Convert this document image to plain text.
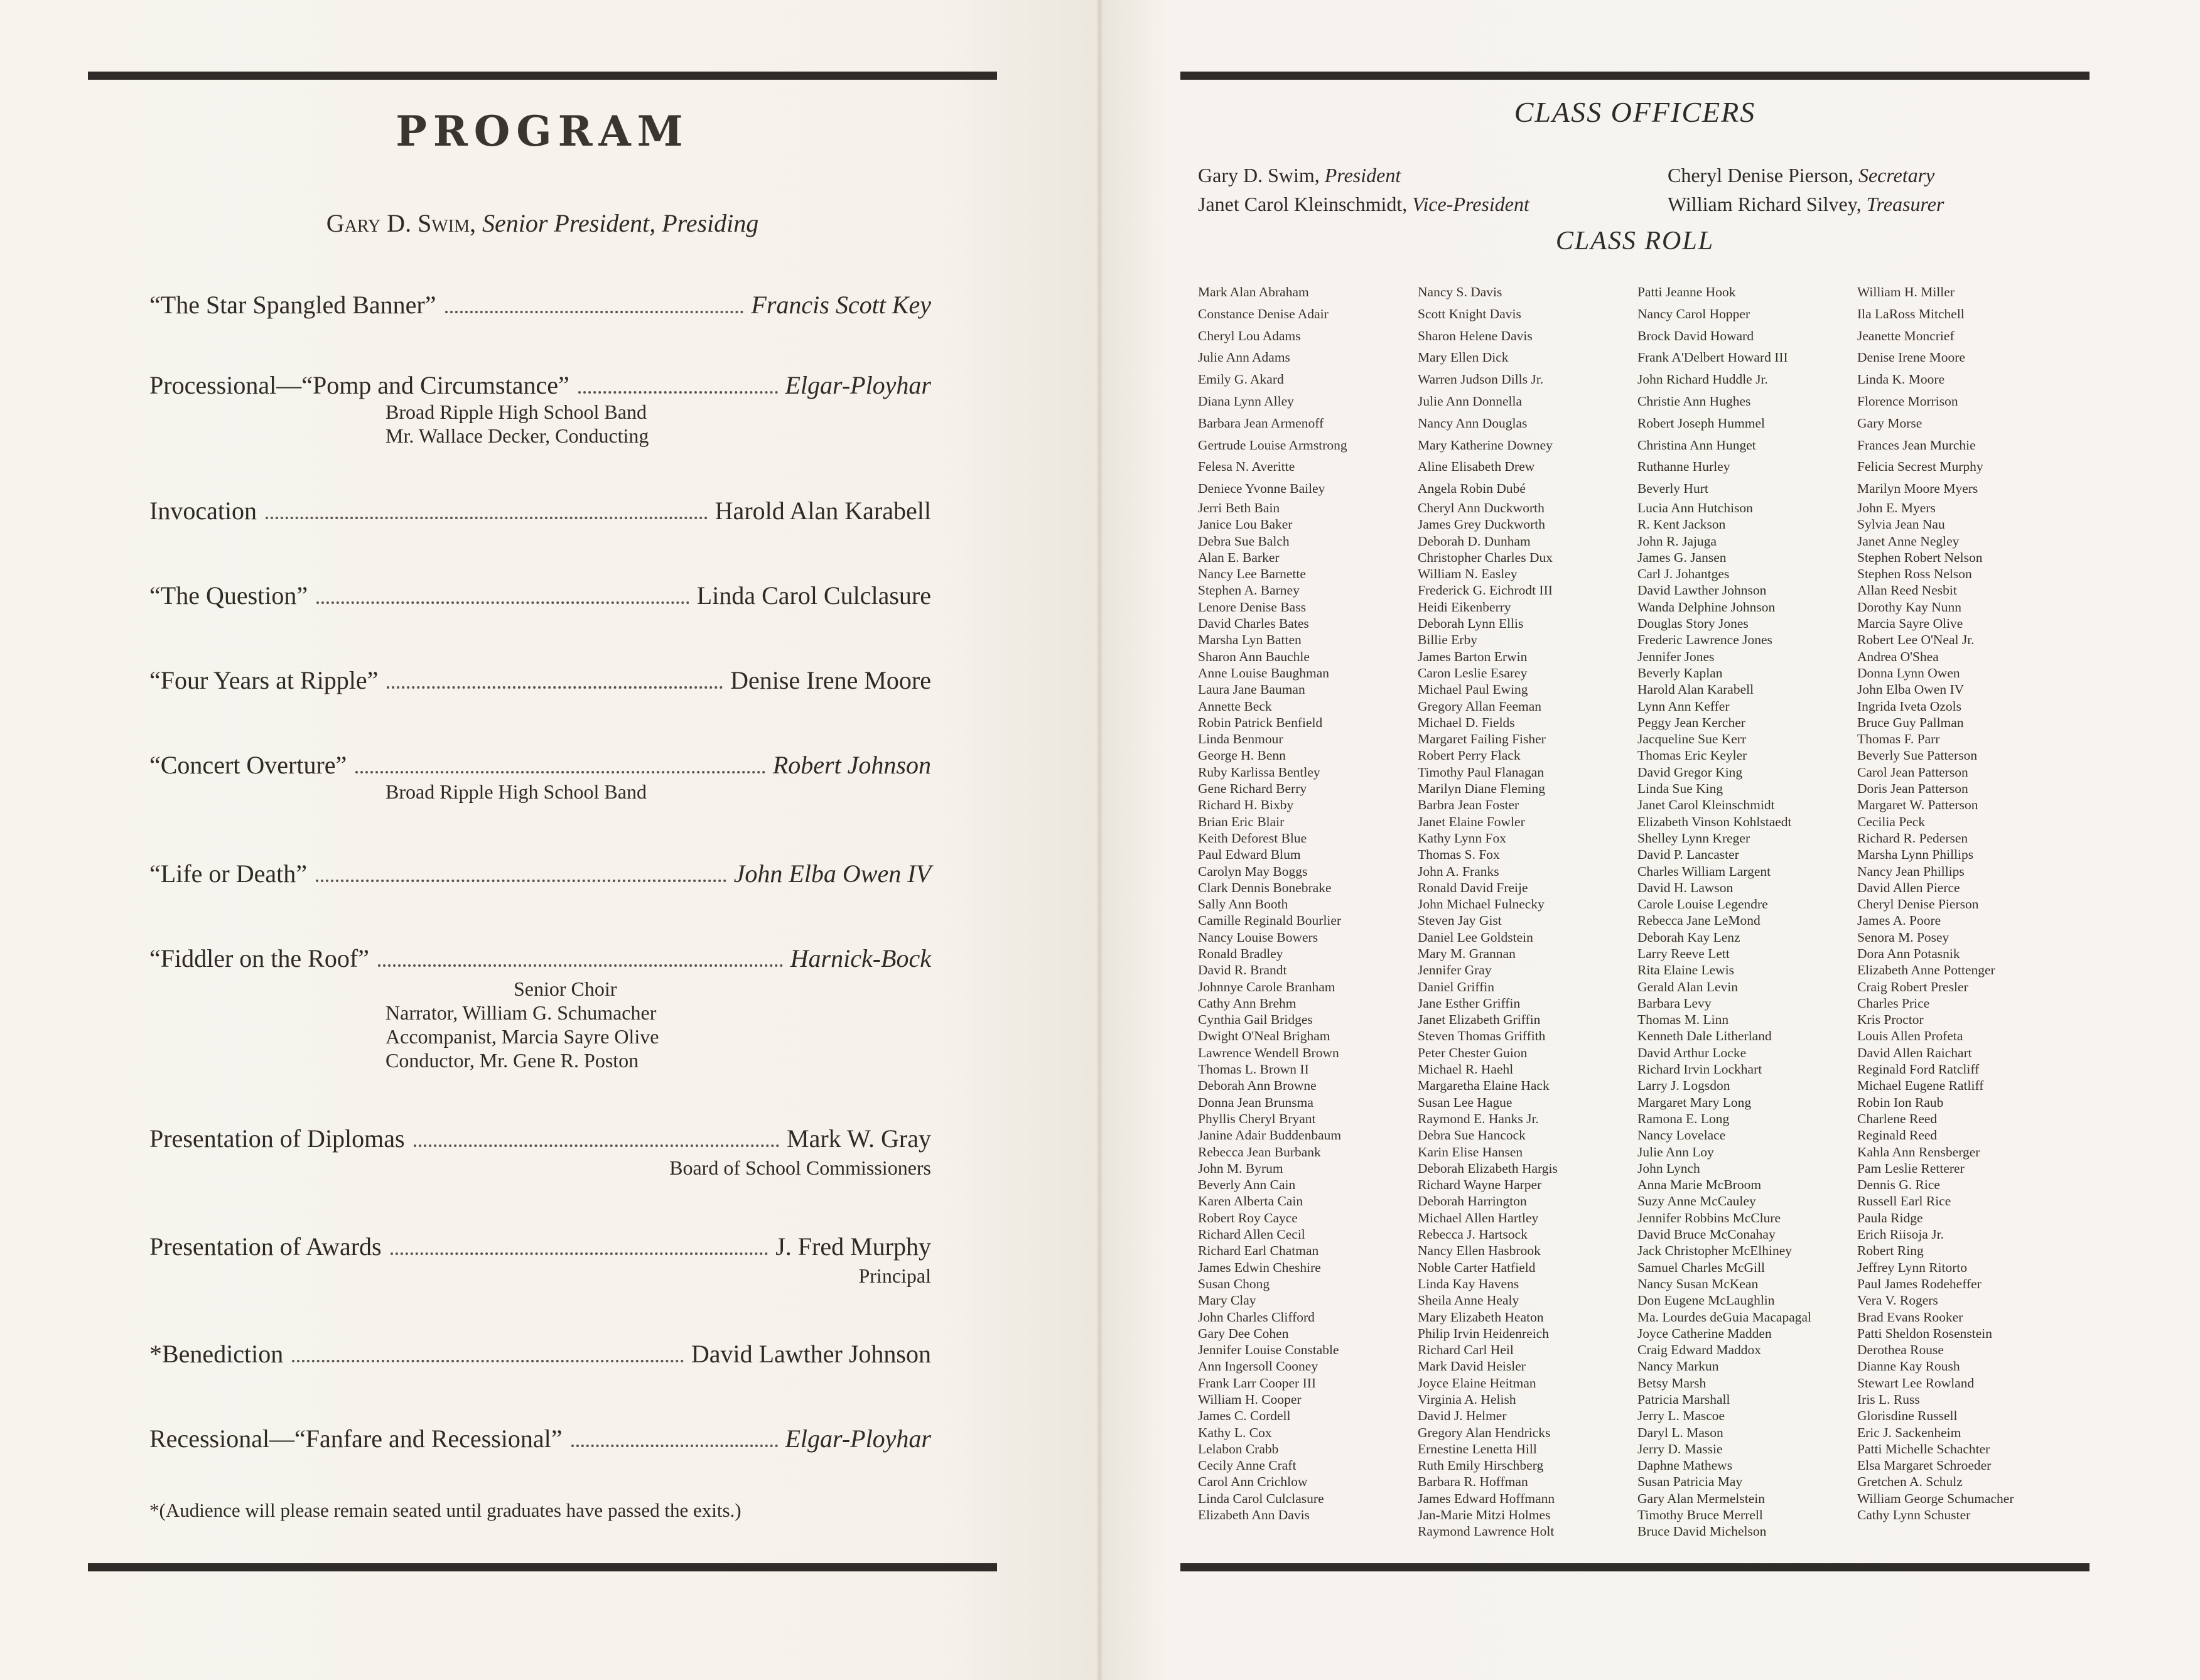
PROGRAM
Gary D. Swim, Senior President, Presiding
“The Star Spangled Banner”	Francis Scott Key
Processional—“Pomp and Circumstance”	Elgar-Ployhar
Broad Ripple High School Band
Mr. Wallace Decker, Conducting
Invocation	Harold Alan Karabell
“The Question”	Linda Carol Culclasure
“Four Years at Ripple”	Denise Irene Moore
“Concert Overture”	Robert Johnson
Broad Ripple High School Band
“Life or Death”	John Elba Owen IV
“Fiddler on the Roof”	Harnick-Bock
Senior Choir
Narrator, William G. Schumacher
Accompanist, Marcia Sayre Olive
Conductor, Mr. Gene R. Poston
Presentation of Diplomas	Mark W. Gray
Board of School Commissioners
Presentation of Awards	J. Fred Murphy
Principal
*Benediction	David Lawther Johnson
Recessional—“Fanfare and Recessional”	Elgar-Ployhar
*(Audience will please remain seated until graduates have passed the exits.)
CLASS OFFICERS
Gary D. Swim, President
Janet Carol Kleinschmidt, Vice-President
Cheryl Denise Pierson, Secretary
William Richard Silvey, Treasurer
CLASS ROLL
Mark Alan Abraham
Constance Denise Adair
Cheryl Lou Adams
Julie Ann Adams
Emily G. Akard
Diana Lynn Alley
Barbara Jean Armenoff
Gertrude Louise Armstrong
Felesa N. Averitte
Deniece Yvonne Bailey
Jerri Beth Bain
Janice Lou Baker
Debra Sue Balch
Alan E. Barker
Nancy Lee Barnette
Stephen A. Barney
Lenore Denise Bass
David Charles Bates
Marsha Lyn Batten
Sharon Ann Bauchle
Anne Louise Baughman
Laura Jane Bauman
Annette Beck
Robin Patrick Benfield
Linda Benmour
George H. Benn
Ruby Karlissa Bentley
Gene Richard Berry
Richard H. Bixby
Brian Eric Blair
Keith Deforest Blue
Paul Edward Blum
Carolyn May Boggs
Clark Dennis Bonebrake
Sally Ann Booth
Camille Reginald Bourlier
Nancy Louise Bowers
Ronald Bradley
David R. Brandt
Johnnye Carole Branham
Cathy Ann Brehm
Cynthia Gail Bridges
Dwight O'Neal Brigham
Lawrence Wendell Brown
Thomas L. Brown II
Deborah Ann Browne
Donna Jean Brunsma
Phyllis Cheryl Bryant
Janine Adair Buddenbaum
Rebecca Jean Burbank
John M. Byrum
Beverly Ann Cain
Karen Alberta Cain
Robert Roy Cayce
Richard Allen Cecil
Richard Earl Chatman
James Edwin Cheshire
Susan Chong
Mary Clay
John Charles Clifford
Gary Dee Cohen
Jennifer Louise Constable
Ann Ingersoll Cooney
Frank Larr Cooper III
William H. Cooper
James C. Cordell
Kathy L. Cox
Lelabon Crabb
Cecily Anne Craft
Carol Ann Crichlow
Linda Carol Culclasure
Elizabeth Ann Davis
Nancy S. Davis
Scott Knight Davis
Sharon Helene Davis
Mary Ellen Dick
Warren Judson Dills Jr.
Julie Ann Donnella
Nancy Ann Douglas
Mary Katherine Downey
Aline Elisabeth Drew
Angela Robin Dubé
Cheryl Ann Duckworth
James Grey Duckworth
Deborah D. Dunham
Christopher Charles Dux
William N. Easley
Frederick G. Eichrodt III
Heidi Eikenberry
Deborah Lynn Ellis
Billie Erby
James Barton Erwin
Caron Leslie Esarey
Michael Paul Ewing
Gregory Allan Feeman
Michael D. Fields
Margaret Failing Fisher
Robert Perry Flack
Timothy Paul Flanagan
Marilyn Diane Fleming
Barbra Jean Foster
Janet Elaine Fowler
Kathy Lynn Fox
Thomas S. Fox
John A. Franks
Ronald David Freije
John Michael Fulnecky
Steven Jay Gist
Daniel Lee Goldstein
Mary M. Grannan
Jennifer Gray
Daniel Griffin
Jane Esther Griffin
Janet Elizabeth Griffin
Steven Thomas Griffith
Peter Chester Guion
Michael R. Haehl
Margaretha Elaine Hack
Susan Lee Hague
Raymond E. Hanks Jr.
Debra Sue Hancock
Karin Elise Hansen
Deborah Elizabeth Hargis
Richard Wayne Harper
Deborah Harrington
Michael Allen Hartley
Rebecca J. Hartsock
Nancy Ellen Hasbrook
Noble Carter Hatfield
Linda Kay Havens
Sheila Anne Healy
Mary Elizabeth Heaton
Philip Irvin Heidenreich
Richard Carl Heil
Mark David Heisler
Joyce Elaine Heitman
Virginia A. Helish
David J. Helmer
Gregory Alan Hendricks
Ernestine Lenetta Hill
Ruth Emily Hirschberg
Barbara R. Hoffman
James Edward Hoffmann
Jan-Marie Mitzi Holmes
Raymond Lawrence Holt
Patti Jeanne Hook
Nancy Carol Hopper
Brock David Howard
Frank A'Delbert Howard III
John Richard Huddle Jr.
Christie Ann Hughes
Robert Joseph Hummel
Christina Ann Hunget
Ruthanne Hurley
Beverly Hurt
Lucia Ann Hutchison
R. Kent Jackson
John R. Jajuga
James G. Jansen
Carl J. Johantges
David Lawther Johnson
Wanda Delphine Johnson
Douglas Story Jones
Frederic Lawrence Jones
Jennifer Jones
Beverly Kaplan
Harold Alan Karabell
Lynn Ann Keffer
Peggy Jean Kercher
Jacqueline Sue Kerr
Thomas Eric Keyler
David Gregor King
Linda Sue King
Janet Carol Kleinschmidt
Elizabeth Vinson Kohlstaedt
Shelley Lynn Kreger
David P. Lancaster
Charles William Largent
David H. Lawson
Carole Louise Legendre
Rebecca Jane LeMond
Deborah Kay Lenz
Larry Reeve Lett
Rita Elaine Lewis
Gerald Alan Levin
Barbara Levy
Thomas M. Linn
Kenneth Dale Litherland
David Arthur Locke
Richard Irvin Lockhart
Larry J. Logsdon
Margaret Mary Long
Ramona E. Long
Nancy Lovelace
Julie Ann Loy
John Lynch
Anna Marie McBroom
Suzy Anne McCauley
Jennifer Robbins McClure
David Bruce McConahay
Jack Christopher McElhiney
Samuel Charles McGill
Nancy Susan McKean
Don Eugene McLaughlin
Ma. Lourdes deGuia Macapagal
Joyce Catherine Madden
Craig Edward Maddox
Nancy Markun
Betsy Marsh
Patricia Marshall
Jerry L. Mascoe
Daryl L. Mason
Jerry D. Massie
Daphne Mathews
Susan Patricia May
Gary Alan Mermelstein
Timothy Bruce Merrell
Bruce David Michelson
William H. Miller
Ila LaRoss Mitchell
Jeanette Moncrief
Denise Irene Moore
Linda K. Moore
Florence Morrison
Gary Morse
Frances Jean Murchie
Felicia Secrest Murphy
Marilyn Moore Myers
John E. Myers
Sylvia Jean Nau
Janet Anne Negley
Stephen Robert Nelson
Stephen Ross Nelson
Allan Reed Nesbit
Dorothy Kay Nunn
Marcia Sayre Olive
Robert Lee O'Neal Jr.
Andrea O'Shea
Donna Lynn Owen
John Elba Owen IV
Ingrida Iveta Ozols
Bruce Guy Pallman
Thomas F. Parr
Beverly Sue Patterson
Carol Jean Patterson
Doris Jean Patterson
Margaret W. Patterson
Cecilia Peck
Richard R. Pedersen
Marsha Lynn Phillips
Nancy Jean Phillips
David Allen Pierce
Cheryl Denise Pierson
James A. Poore
Senora M. Posey
Dora Ann Potasnik
Elizabeth Anne Pottenger
Craig Robert Presler
Charles Price
Kris Proctor
Louis Allen Profeta
David Allen Raichart
Reginald Ford Ratcliff
Michael Eugene Ratliff
Robin Ion Raub
Charlene Reed
Reginald Reed
Kahla Ann Rensberger
Pam Leslie Retterer
Dennis G. Rice
Russell Earl Rice
Paula Ridge
Erich Riisoja Jr.
Robert Ring
Jeffrey Lynn Ritorto
Paul James Rodeheffer
Vera V. Rogers
Brad Evans Rooker
Patti Sheldon Rosenstein
Derothea Rouse
Dianne Kay Roush
Stewart Lee Rowland
Iris L. Russ
Glorisdine Russell
Eric J. Sackenheim
Patti Michelle Schachter
Elsa Margaret Schroeder
Gretchen A. Schulz
William George Schumacher
Cathy Lynn Schuster
